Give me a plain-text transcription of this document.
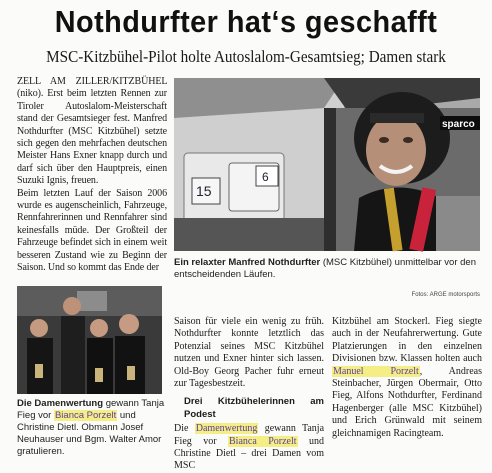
Nothdurfter hat‘s geschafft
MSC-Kitzbühel-Pilot holte Autoslalom-Gesamtsieg; Damen stark

ZELL AM ZILLER/KITZBÜHEL (niko). Erst beim letzten Rennen zur Tiroler Autoslalom-Meisterschaft stand der Gesamtsieger fest. Manfred Nothdurfter (MSC Kitzbühel) setzte sich gegen den mehrfachen deutschen Meister Hans Exner knapp durch und darf sich über den Hauptpreis, einen Suzuki Ignis, freuen.

Beim letzten Lauf der Saison 2006 wurde es augenscheinlich, Fahrzeuge, Rennfahrerinnen und Rennfahrer sind keinesfalls müde. Der Großteil der Fahrzeuge befindet sich in einem weit besseren Zustand wie zu Beginn der Saison. Und so kommt das Ende der

15
6
sparco
Ein relaxter Manfred Nothdurfter (MSC Kitzbühel) unmittelbar vor den entscheidenden Läufen.
Fotos: ARGE motorsports
Die Damenwertung gewann Tanja Fieg vor Bianca Porzelt und Christine Dietl. Obmann Josef Neuhauser und Bgm. Walter Amor gratulieren.

Saison für viele ein wenig zu früh. Nothdurfter konnte letztlich das Potenzial seines MSC Kitzbühel nutzen und Exner hinter sich lassen. Old-Boy Georg Pacher fuhr erneut zur Tagesbestzeit.

Drei Kitzbühelerinnen am Podest

Die Damenwertung gewann Tanja Fieg vor Bianca Porzelt und Christine Dietl – drei Damen vom MSC

Kitzbühel am Stockerl. Fieg siegte auch in der Neufahrerwertung. Gute Platzierungen in den einzelnen Divisionen bzw. Klassen holten auch Manuel Porzelt, Andreas Steinbacher, Jürgen Obermair, Otto Fieg, Alfons Nothdurfter, Ferdinand Hagenberger (alle MSC Kitzbühel) und Erich Grünwald mit seinem gleichnamigen Racingteam.
